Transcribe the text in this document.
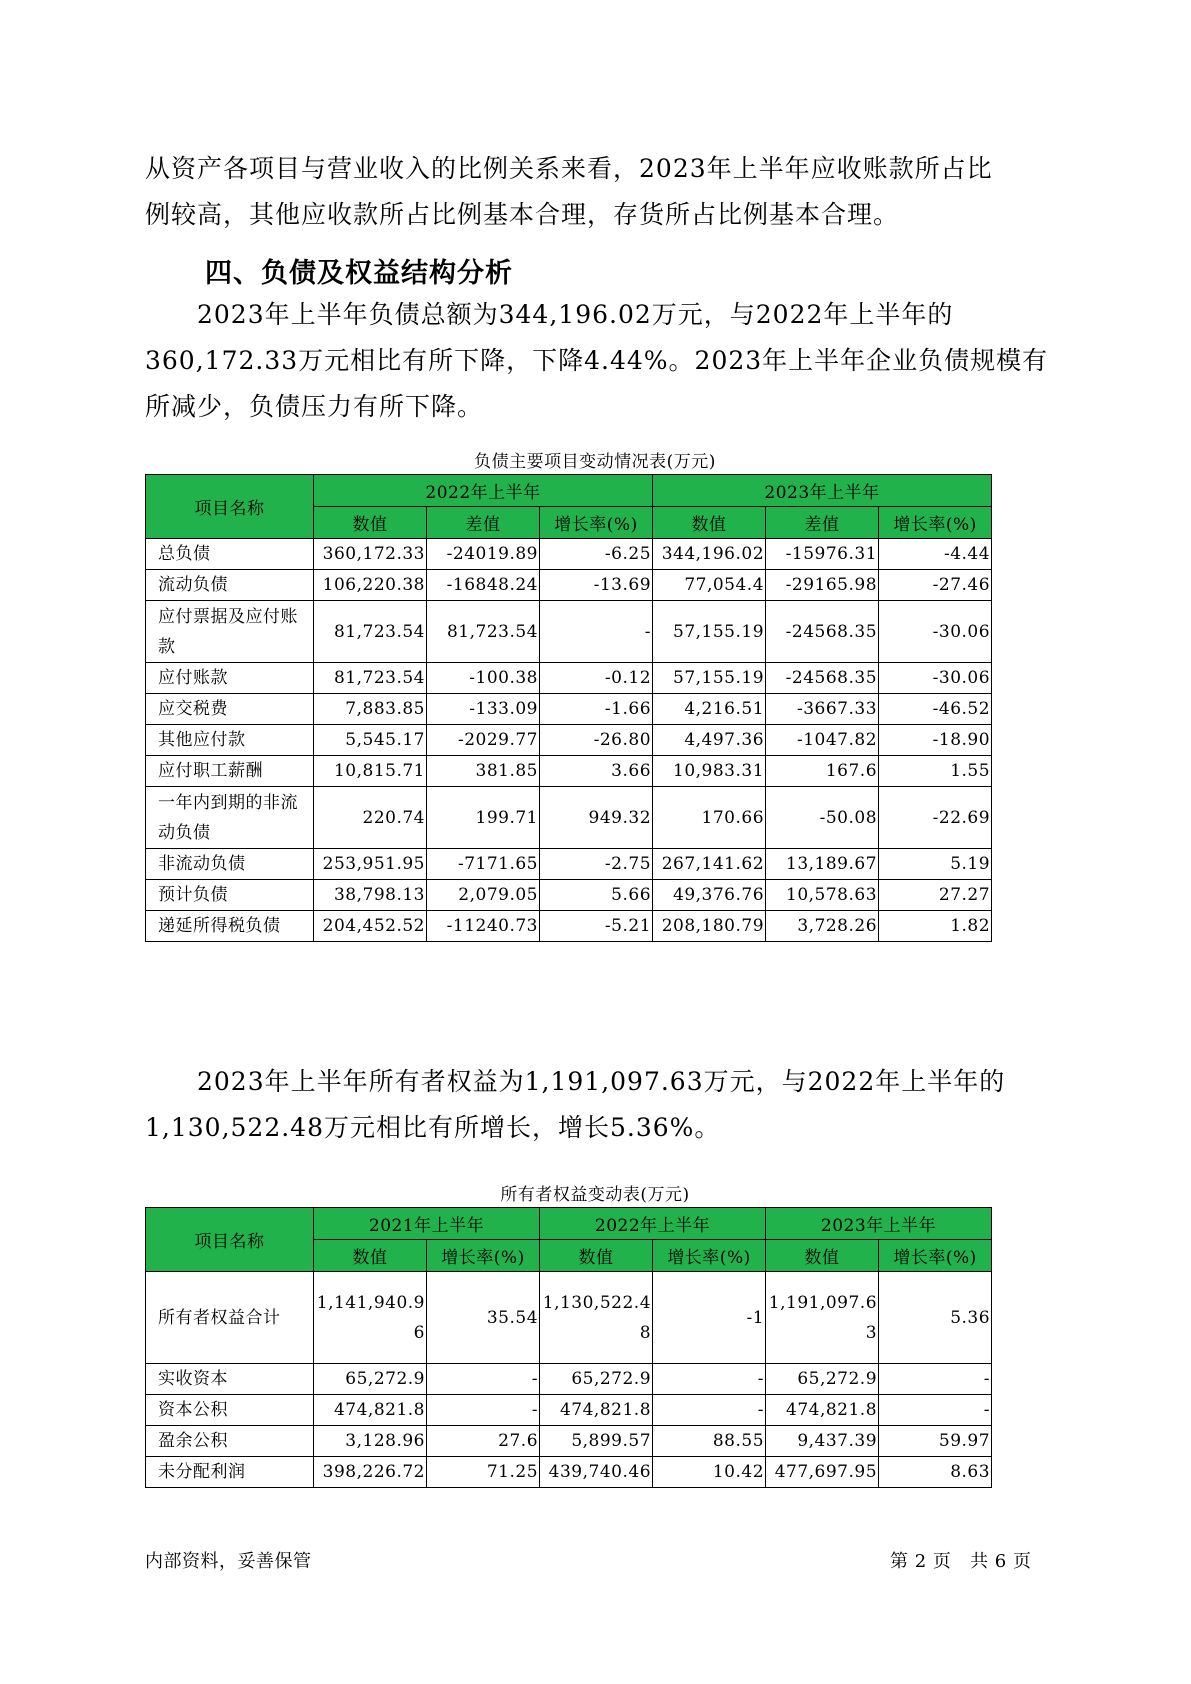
从资产各项目与营业收入的比例关系来看，2023年上半年应收账款所占比
例较高，其他应收款所占比例基本合理，存货所占比例基本合理。
四、负债及权益结构分析
2023年上半年负债总额为344,196.02万元，与2022年上半年的
360,172.33万元相比有所下降，下降4.44%。2023年上半年企业负债规模有
所减少，负债压力有所下降。
负债主要项目变动情况表(万元)
项目名称	2022年上半年			2023年上半年		
	数值	差值	增长率(%)	数值	差值	增长率(%)
总负债	360,172.33	-24019.89	-6.25	344,196.02	-15976.31	-4.44
流动负债	106,220.38	-16848.24	-13.69	77,054.4	-29165.98	-27.46
应付票据及应付账款	81,723.54	81,723.54	-	57,155.19	-24568.35	-30.06
应付账款	81,723.54	-100.38	-0.12	57,155.19	-24568.35	-30.06
应交税费	7,883.85	-133.09	-1.66	4,216.51	-3667.33	-46.52
其他应付款	5,545.17	-2029.77	-26.80	4,497.36	-1047.82	-18.90
应付职工薪酬	10,815.71	381.85	3.66	10,983.31	167.6	1.55
一年内到期的非流动负债	220.74	199.71	949.32	170.66	-50.08	-22.69
非流动负债	253,951.95	-7171.65	-2.75	267,141.62	13,189.67	5.19
预计负债	38,798.13	2,079.05	5.66	49,376.76	10,578.63	27.27
递延所得税负债	204,452.52	-11240.73	-5.21	208,180.79	3,728.26	1.82
2023年上半年所有者权益为1,191,097.63万元，与2022年上半年的
1,130,522.48万元相比有所增长，增长5.36%。
所有者权益变动表(万元)
项目名称	2021年上半年		2022年上半年		2023年上半年	
	数值	增长率(%)	数值	增长率(%)	数值	增长率(%)
所有者权益合计	1,141,940.96	35.54	1,130,522.48	-1	1,191,097.63	5.36
实收资本	65,272.9	-	65,272.9	-	65,272.9	-
资本公积	474,821.8	-	474,821.8	-	474,821.8	-
盈余公积	3,128.96	27.6	5,899.57	88.55	9,437.39	59.97
未分配利润	398,226.72	71.25	439,740.46	10.42	477,697.95	8.63
内部资料，妥善保管	第 2 页 共 6 页
